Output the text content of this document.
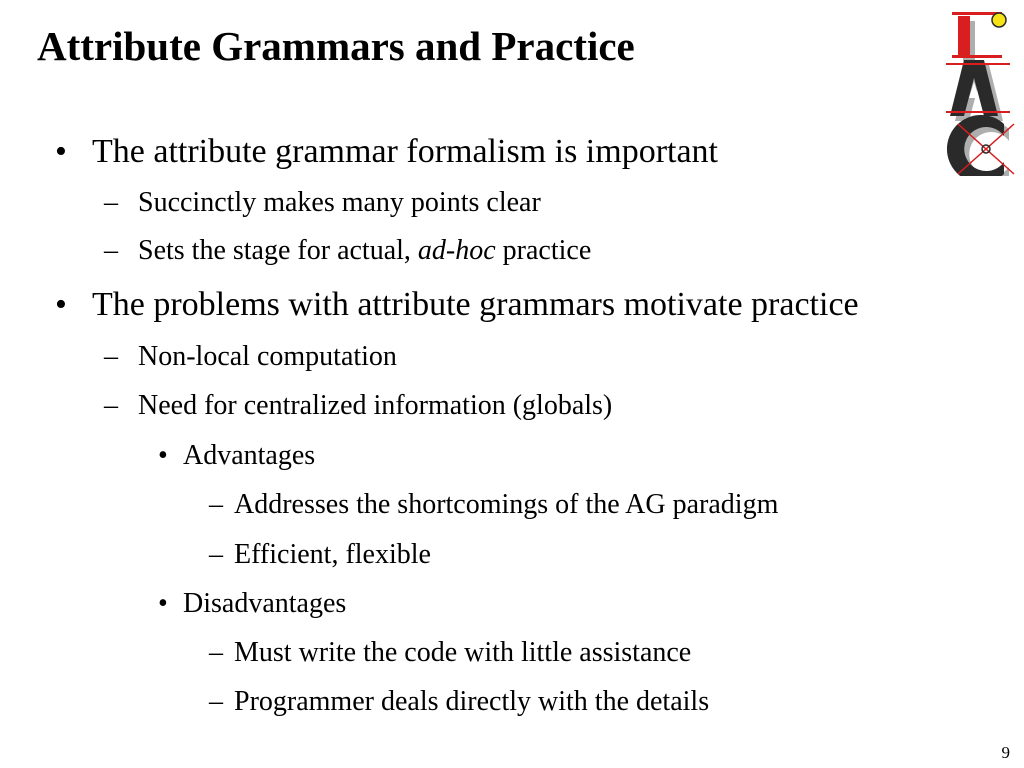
Attribute Grammars and Practice
• The attribute grammar formalism is important
– Succinctly makes many points clear
– Sets the stage for actual, ad-hoc practice
• The problems with attribute grammars motivate practice
– Non-local computation
– Need for centralized information (globals)
• Advantages
– Addresses the shortcomings of the AG paradigm
– Efficient, flexible
• Disadvantages
– Must write the code with little assistance
– Programmer deals directly with the details
9
